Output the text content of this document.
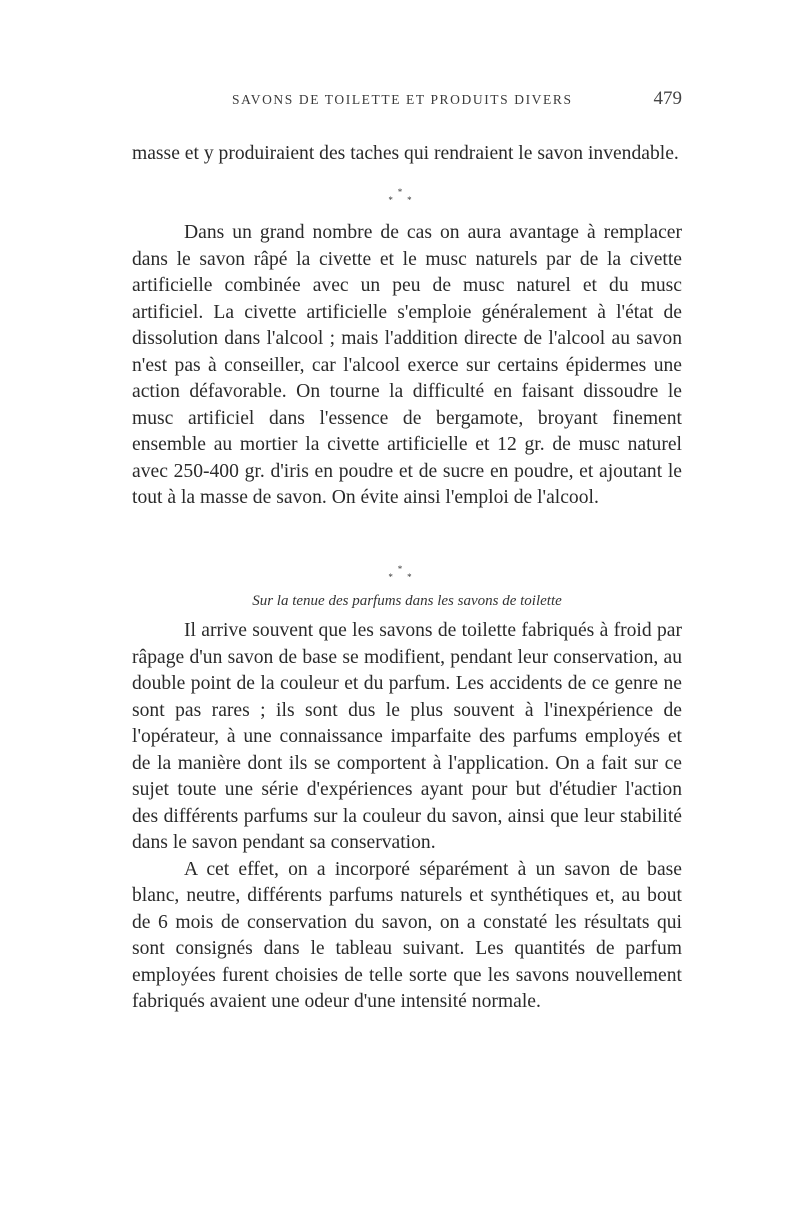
SAVONS DE TOILETTE ET PRODUITS DIVERS	479

masse et y produiraient des taches qui rendraient le savon invendable.

*
* *

Dans un grand nombre de cas on aura avantage à remplacer dans le savon râpé la civette et le musc naturels par de la civette artificielle combinée avec un peu de musc naturel et du musc artificiel. La civette artificielle s'emploie généralement à l'état de dissolution dans l'alcool ; mais l'addition directe de l'alcool au savon n'est pas à conseiller, car l'alcool exerce sur certains épidermes une action défavorable. On tourne la difficulté en faisant dissoudre le musc artificiel dans l'essence de bergamote, broyant finement ensemble au mortier la civette artificielle et 12 gr. de musc naturel avec 250-400 gr. d'iris en poudre et de sucre en poudre, et ajoutant le tout à la masse de savon. On évite ainsi l'emploi de l'alcool.

*
* *
Sur la tenue des parfums dans les savons de toilette

Il arrive souvent que les savons de toilette fabriqués à froid par râpage d'un savon de base se modifient, pendant leur conservation, au double point de la couleur et du parfum. Les accidents de ce genre ne sont pas rares ; ils sont dus le plus souvent à l'inexpérience de l'opérateur, à une connaissance imparfaite des parfums employés et de la manière dont ils se comportent à l'application. On a fait sur ce sujet toute une série d'expériences ayant pour but d'étudier l'action des différents parfums sur la couleur du savon, ainsi que leur stabilité dans le savon pendant sa conservation.

A cet effet, on a incorporé séparément à un savon de base blanc, neutre, différents parfums naturels et synthétiques et, au bout de 6 mois de conservation du savon, on a constaté les résultats qui sont consignés dans le tableau suivant. Les quantités de parfum employées furent choisies de telle sorte que les savons nouvellement fabriqués avaient une odeur d'une intensité normale.
